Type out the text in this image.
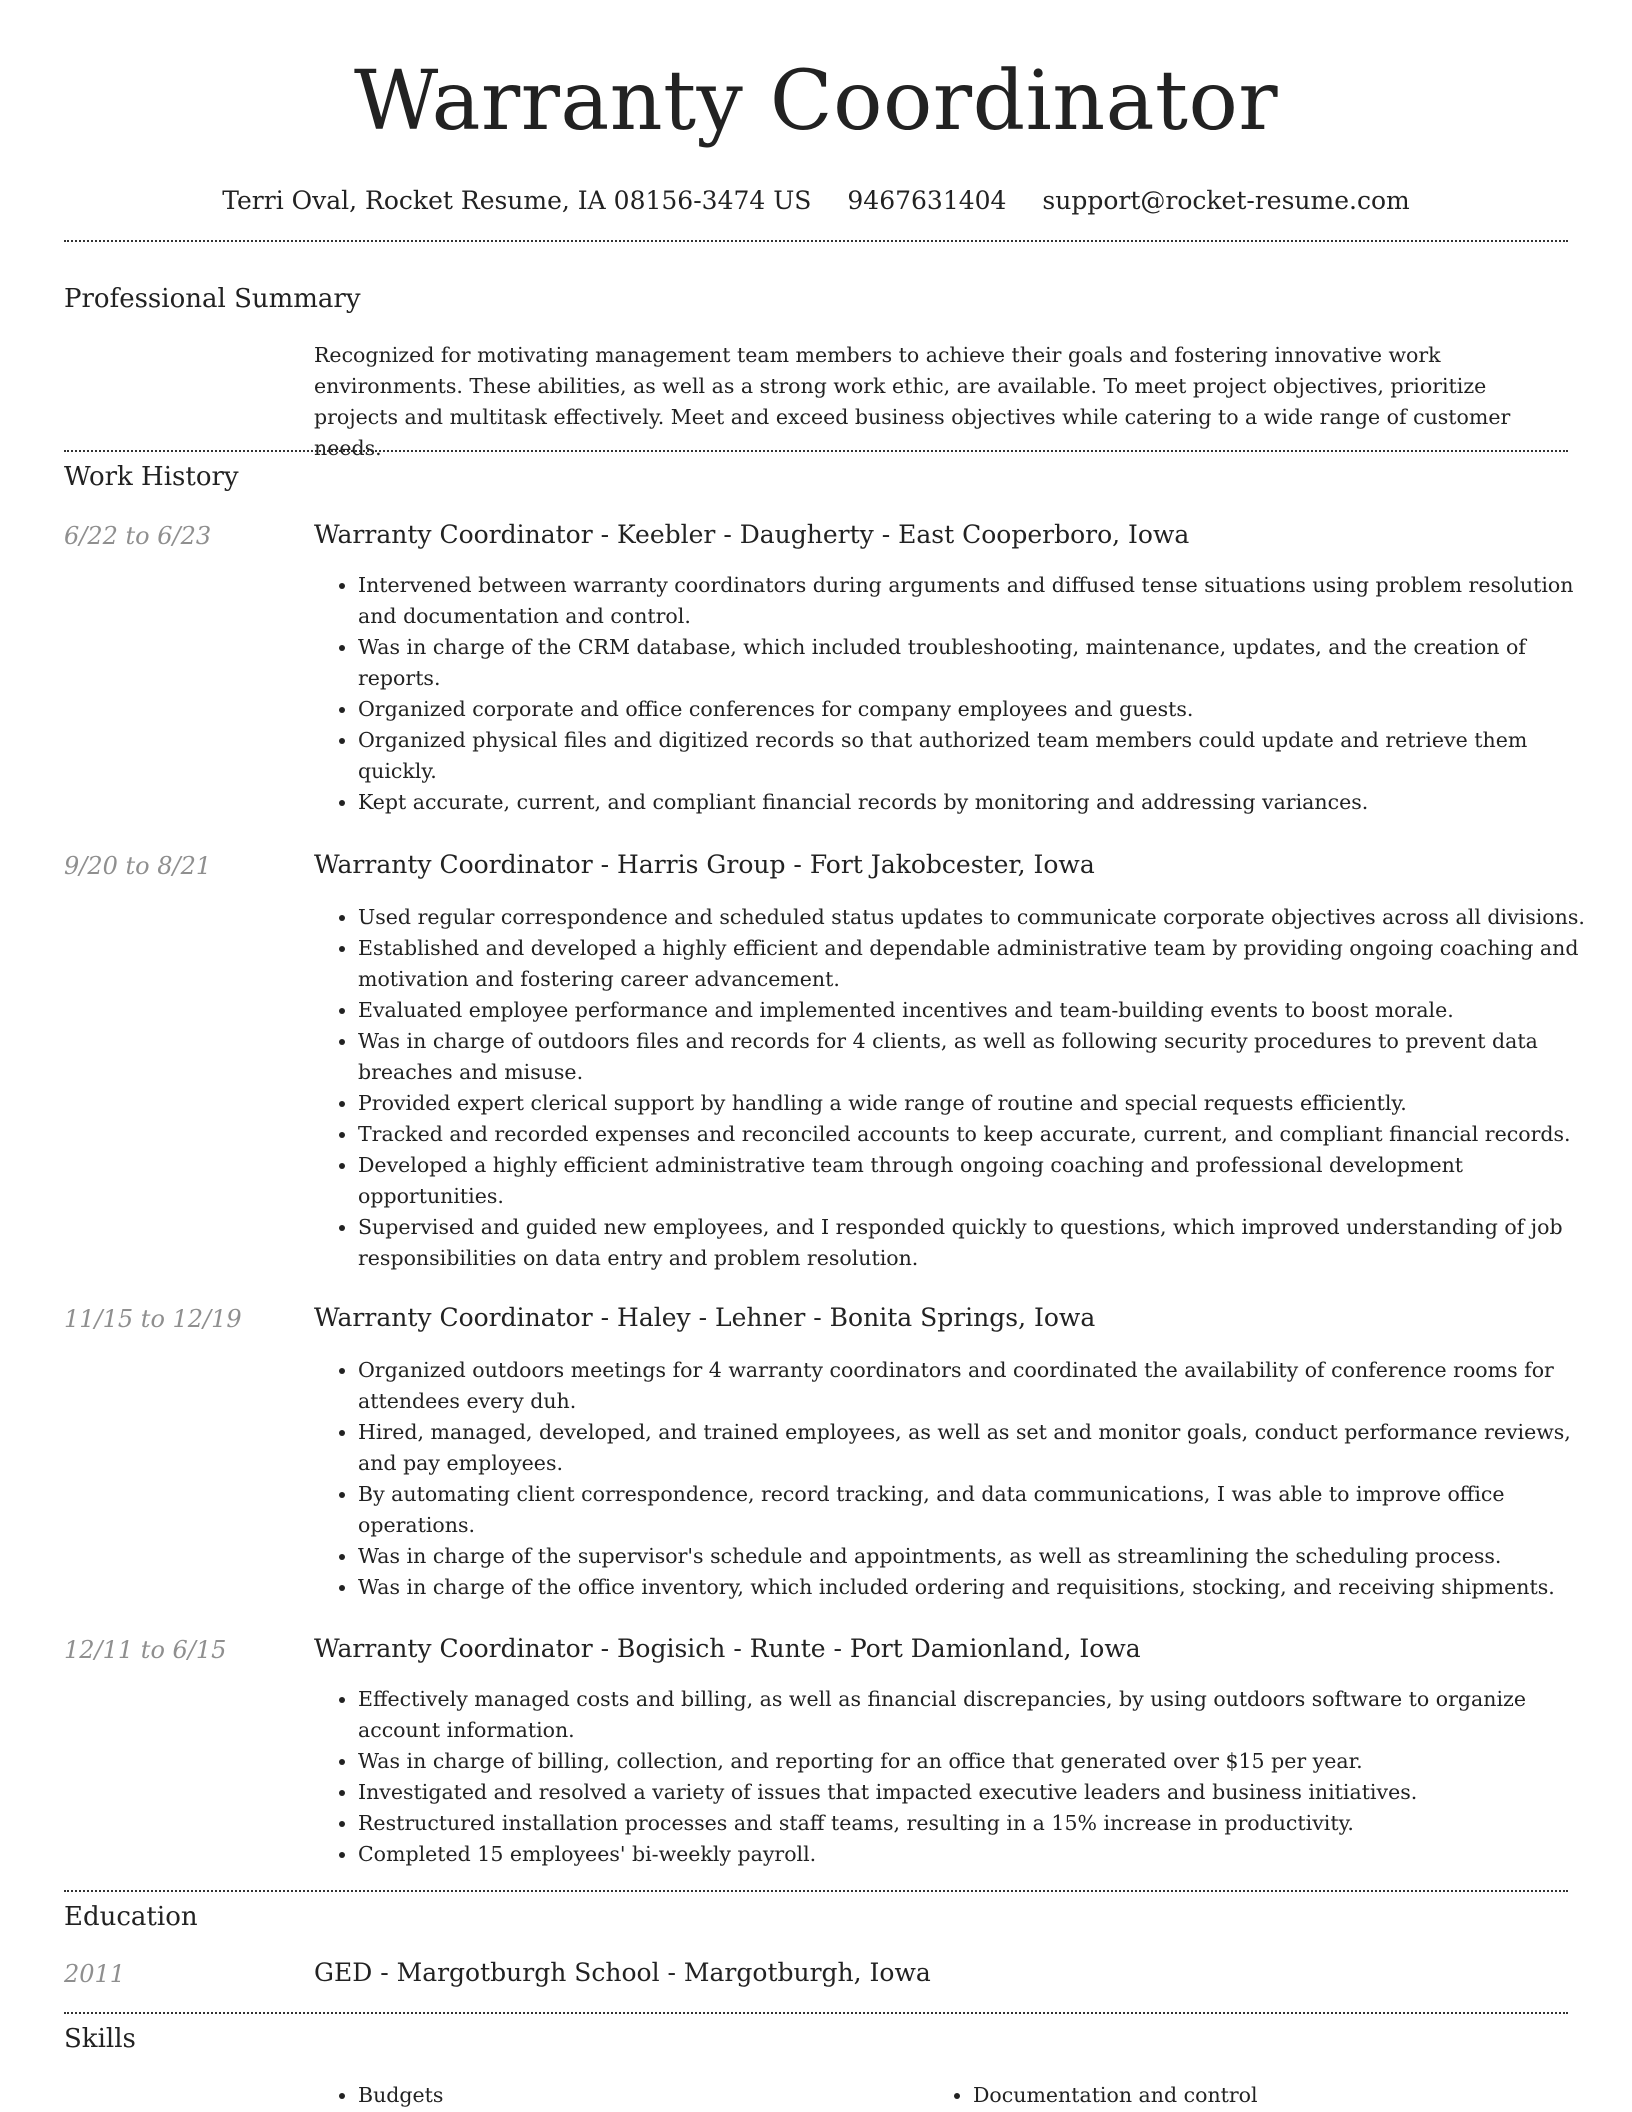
Warranty Coordinator
Terri Oval, Rocket Resume, IA 08156-3474 US 9467631404 support@rocket-resume.com
Professional Summary

Recognized for motivating management team members to achieve their goals and fostering innovative work environments. These abilities, as well as a strong work ethic, are available. To meet project objectives, prioritize projects and multitask effectively. Meet and exceed business objectives while catering to a wide range of customer needs.

Work History
6/22 to 6/23	Warranty Coordinator - Keebler - Daugherty - East Cooperboro, Iowa
• Intervened between warranty coordinators during arguments and diffused tense situations using problem resolution and documentation and control.
• Was in charge of the CRM database, which included troubleshooting, maintenance, updates, and the creation of reports.
• Organized corporate and office conferences for company employees and guests.
• Organized physical files and digitized records so that authorized team members could update and retrieve them quickly.
• Kept accurate, current, and compliant financial records by monitoring and addressing variances.
9/20 to 8/21	Warranty Coordinator - Harris Group - Fort Jakobcester, Iowa
• Used regular correspondence and scheduled status updates to communicate corporate objectives across all divisions.
• Established and developed a highly efficient and dependable administrative team by providing ongoing coaching and motivation and fostering career advancement.
• Evaluated employee performance and implemented incentives and team-building events to boost morale.
• Was in charge of outdoors files and records for 4 clients, as well as following security procedures to prevent data breaches and misuse.
• Provided expert clerical support by handling a wide range of routine and special requests efficiently.
• Tracked and recorded expenses and reconciled accounts to keep accurate, current, and compliant financial records.
• Developed a highly efficient administrative team through ongoing coaching and professional development opportunities.
• Supervised and guided new employees, and I responded quickly to questions, which improved understanding of job responsibilities on data entry and problem resolution.
11/15 to 12/19	Warranty Coordinator - Haley - Lehner - Bonita Springs, Iowa
• Organized outdoors meetings for 4 warranty coordinators and coordinated the availability of conference rooms for attendees every duh.
• Hired, managed, developed, and trained employees, as well as set and monitor goals, conduct performance reviews, and pay employees.
• By automating client correspondence, record tracking, and data communications, I was able to improve office operations.
• Was in charge of the supervisor's schedule and appointments, as well as streamlining the scheduling process.
• Was in charge of the office inventory, which included ordering and requisitions, stocking, and receiving shipments.
12/11 to 6/15	Warranty Coordinator - Bogisich - Runte - Port Damionland, Iowa
• Effectively managed costs and billing, as well as financial discrepancies, by using outdoors software to organize account information.
• Was in charge of billing, collection, and reporting for an office that generated over $15 per year.
• Investigated and resolved a variety of issues that impacted executive leaders and business initiatives.
• Restructured installation processes and staff teams, resulting in a 15% increase in productivity.
• Completed 15 employees' bi-weekly payroll.
Education
2011	GED - Margotburgh School - Margotburgh, Iowa
Skills
• Budgets
•	Documentation and control
